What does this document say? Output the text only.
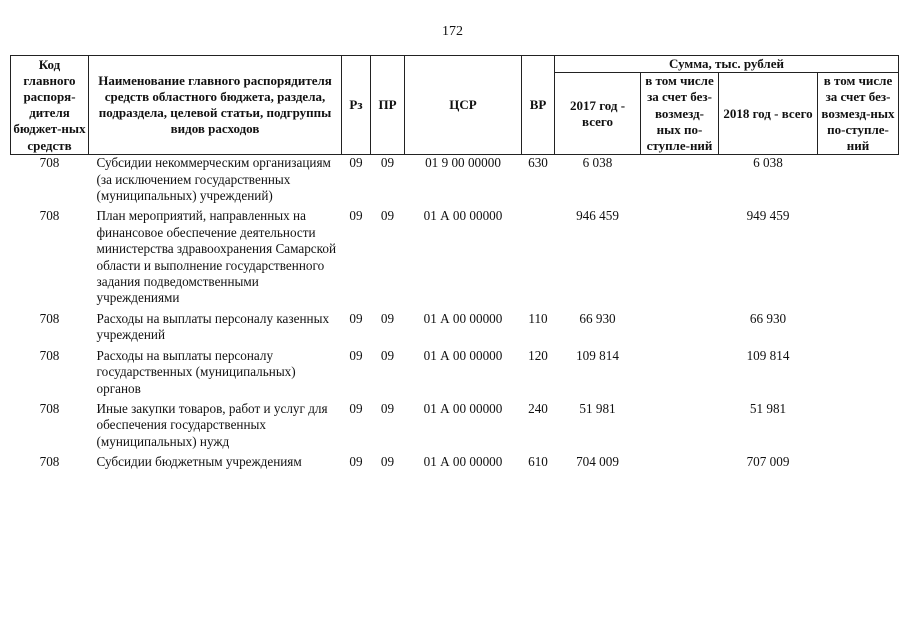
172
Код главного распоря-дителя бюджет-ных средств	Наименование главного распорядителя средств областного бюджета, раздела, подраздела, целевой статьи, подгруппы видов расходов	Рз	ПР	ЦСР	ВР	Сумма, тыс. рублей			
						2017 год - всего	в том числе за счет без-возмезд-ных по-ступле-ний	2018 год - всего	в том числе за счет без-возмезд-ных по-ступле-ний
708	Субсидии некоммерческим организациям (за исключением государственных (муниципальных) учреждений)	09	09	01 9 00 00000	630	6 038		6 038	
708	План мероприятий, направленных на финансовое обеспечение деятельности министерства здравоохранения Самарской области и выполнение государственного задания подведомственными учреждениями	09	09	01 А 00 00000		946 459		949 459	
708	Расходы на выплаты персоналу казенных учреждений	09	09	01 А 00 00000	110	66 930		66 930	
708	Расходы на выплаты персоналу государственных (муниципальных) органов	09	09	01 А 00 00000	120	109 814		109 814	
708	Иные закупки товаров, работ и услуг для обеспечения государственных (муниципальных) нужд	09	09	01 А 00 00000	240	51 981		51 981	
708	Субсидии бюджетным учреждениям	09	09	01 А 00 00000	610	704 009		707 009	
